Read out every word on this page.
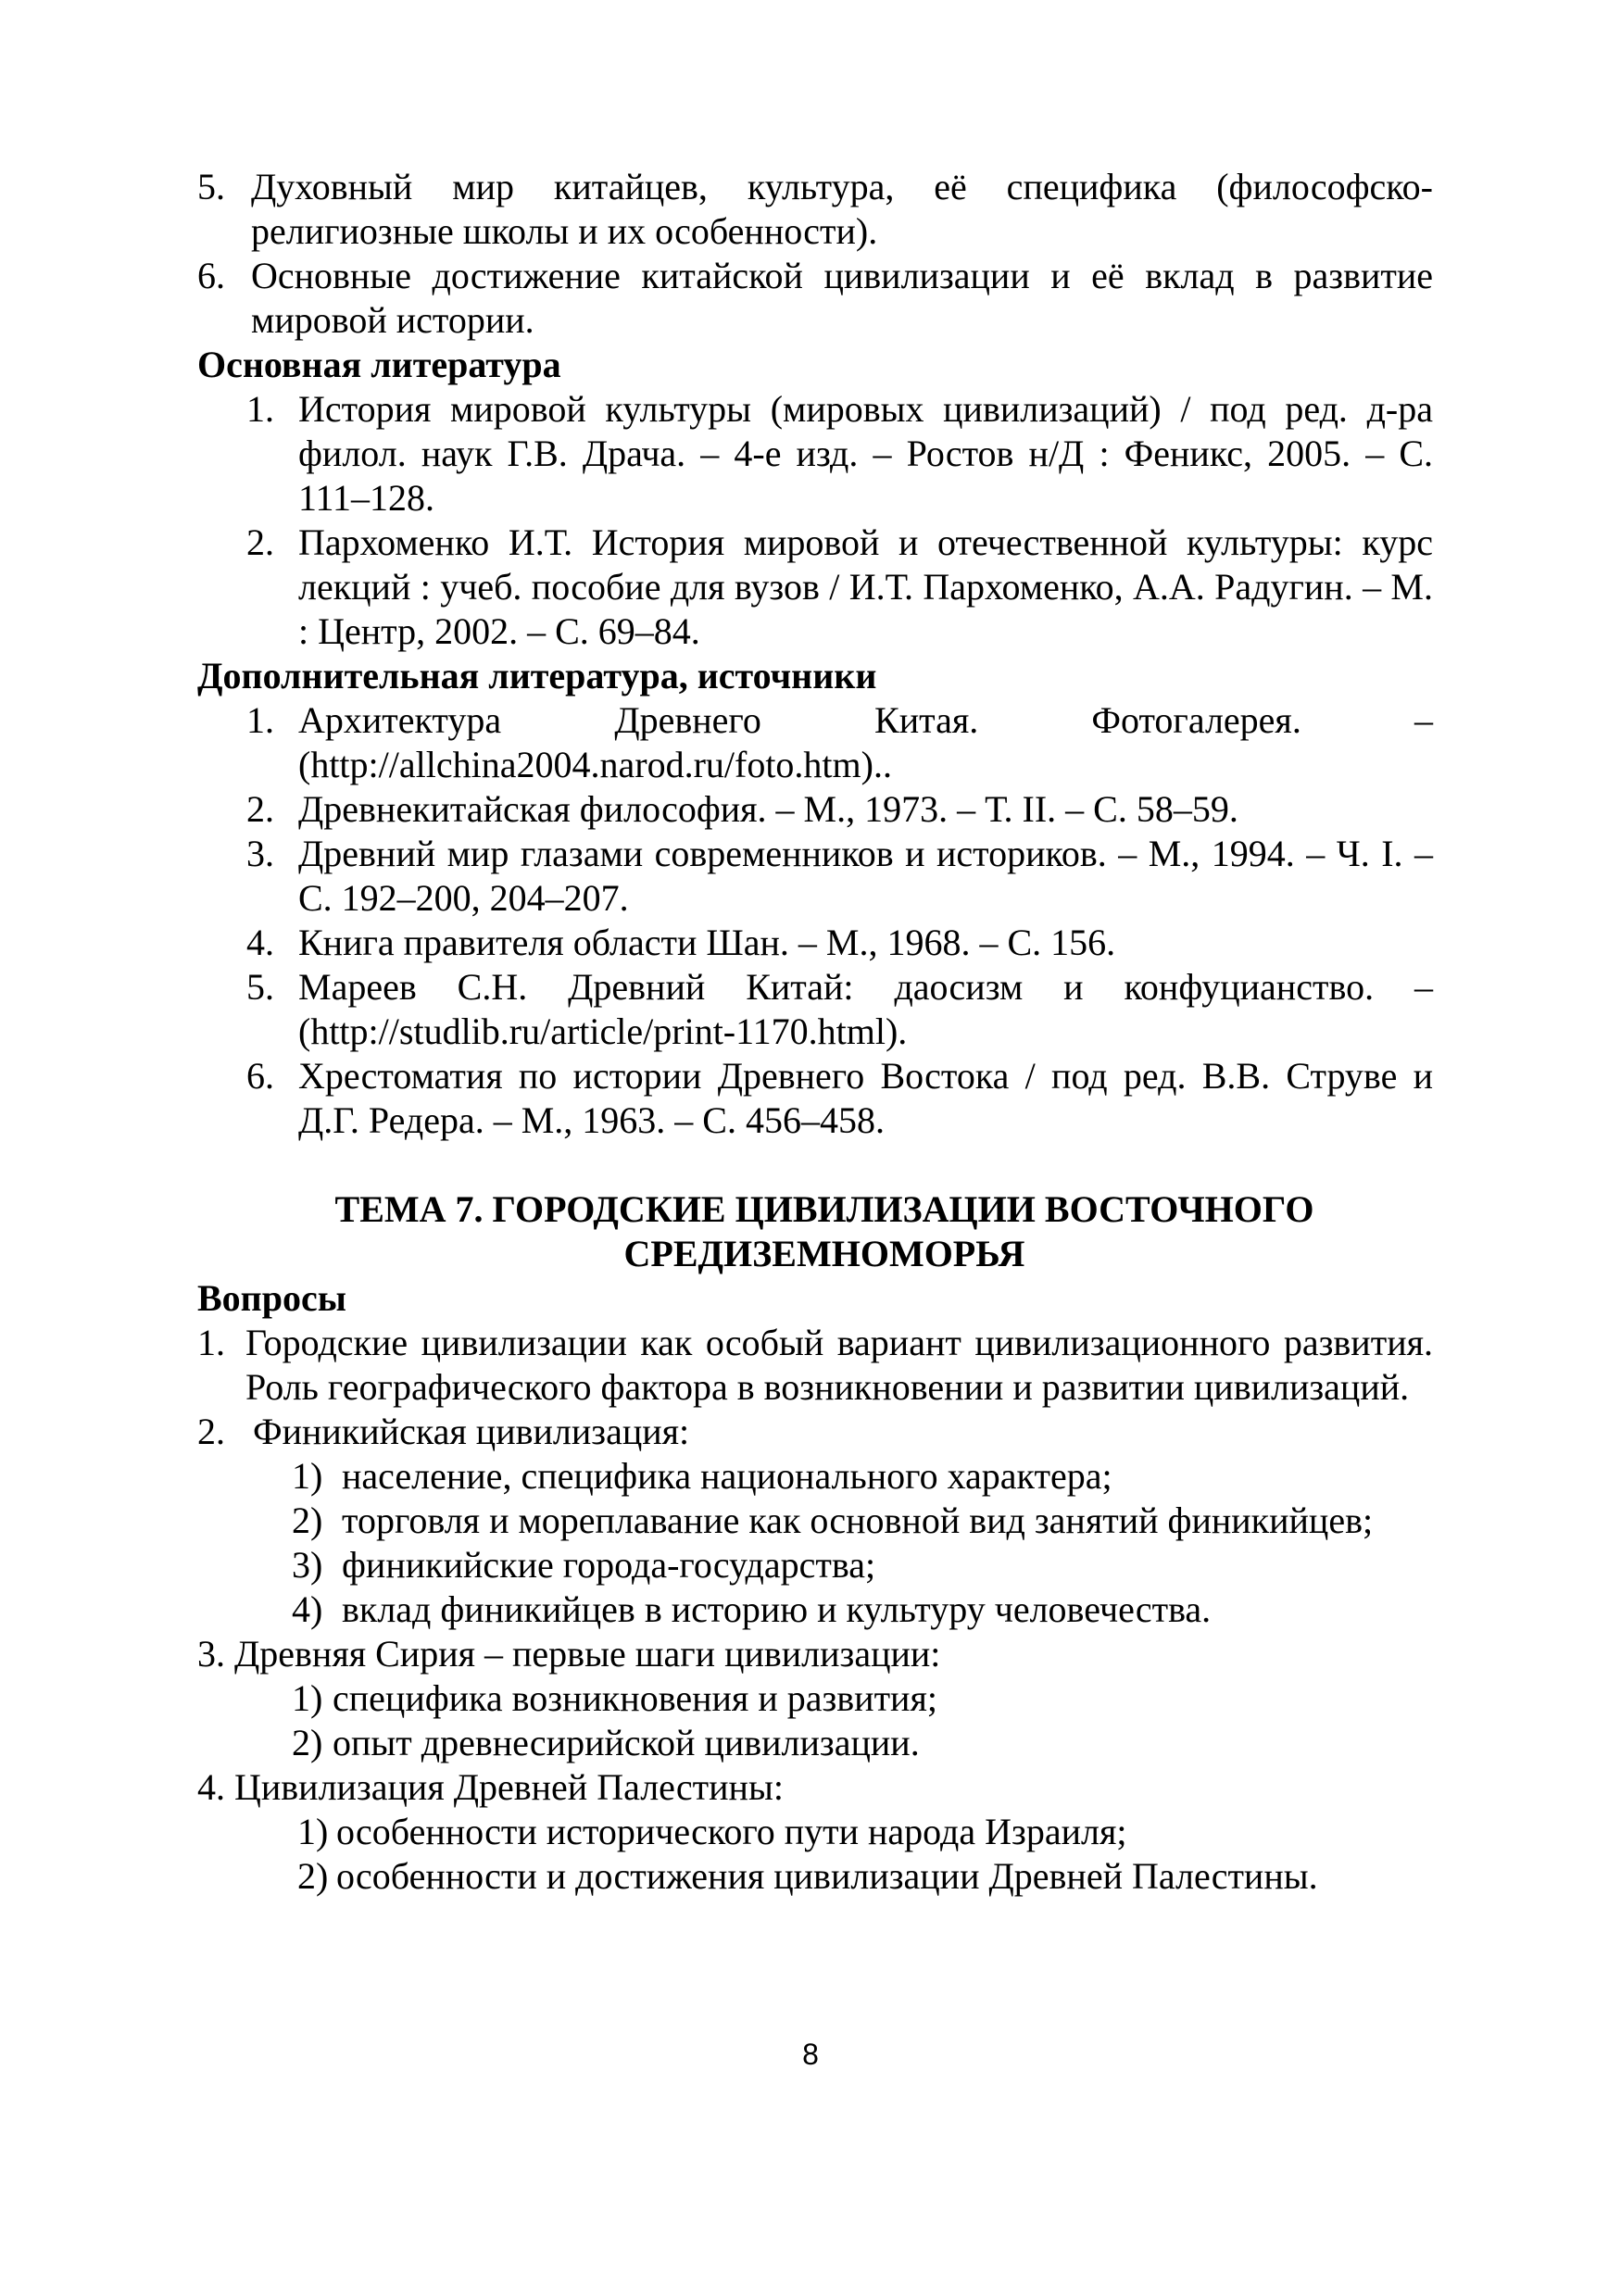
5. Духовный мир китайцев, культура, её специфика (философско-религиозные школы и их особенности).
6. Основные достижение китайской цивилизации и её вклад в развитие мировой истории.
Основная литература
1. История мировой культуры (мировых цивилизаций) / под ред. д-ра филол. наук Г.В. Драча. – 4-е изд. – Ростов н/Д : Феникс, 2005. – С. 111–128.
2. Пархоменко И.Т. История мировой и отечественной культуры: курс лекций : учеб. пособие для вузов / И.Т. Пархоменко, А.А. Радугин. – М. : Центр, 2002. – С. 69–84.
Дополнительная литература, источники
1. Архитектура Древнего Китая. Фотогалерея. – (http://allchina2004.narod.ru/foto.htm)..
2. Древнекитайская философия. – М., 1973. – Т. II. – С. 58–59.
3. Древний мир глазами современников и историков. – М., 1994. – Ч. I. – С. 192–200, 204–207.
4. Книга правителя области Шан. – М., 1968. – С. 156.
5. Мареев С.Н. Древний Китай: даосизм и конфуцианство. – (http://studlib.ru/article/print-1170.html).
6. Хрестоматия по истории Древнего Востока / под ред. В.В. Струве и Д.Г. Редера. – М., 1963. – С. 456–458.
ТЕМА 7. ГОРОДСКИЕ ЦИВИЛИЗАЦИИ ВОСТОЧНОГО
СРЕДИЗЕМНОМОРЬЯ
Вопросы
1. Городские цивилизации как особый вариант цивилизационного развития. Роль географического фактора в возникновении и развитии цивилизаций.
2. Финикийская цивилизация:
1) население, специфика национального характера;
2) торговля и мореплавание как основной вид занятий финикийцев;
3) финикийские города-государства;
4) вклад финикийцев в историю и культуру человечества.
3. Древняя Сирия – первые шаги цивилизации:
1) специфика возникновения и развития;
2) опыт древнесирийской цивилизации.
4. Цивилизация Древней Палестины:
1) особенности исторического пути народа Израиля;
2) особенности и достижения цивилизации Древней Палестины.
8
